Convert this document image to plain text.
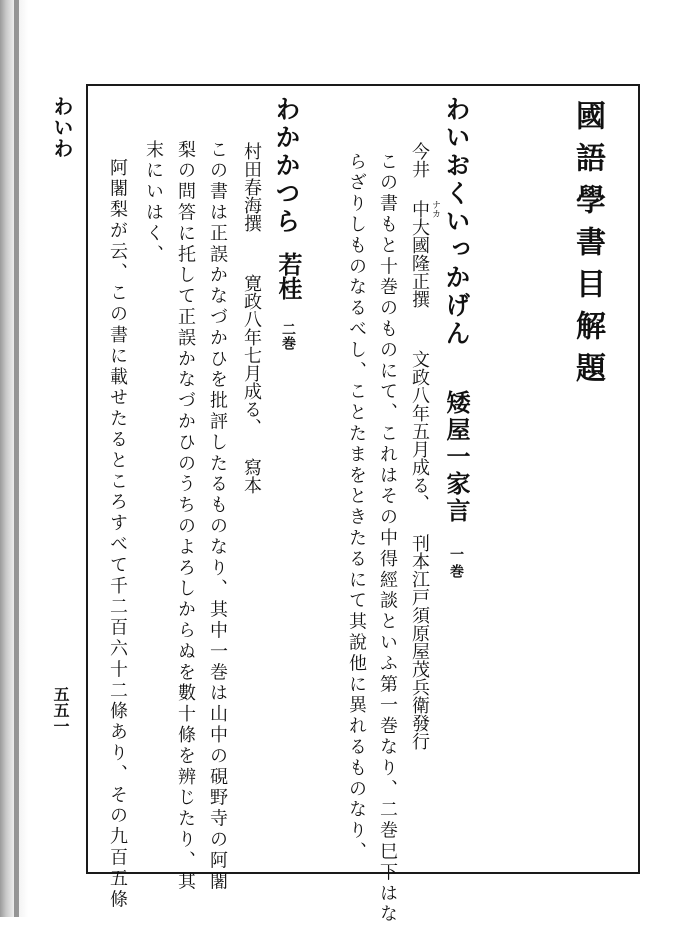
わいわ
五五一
國語學書目解題
わいおくいっかげん矮屋一家言一巻
今井中大國隆正撰 ナカ
文政八年五月成る、刊本江戸須原屋茂兵衛發行

この書もと十巻のものにて、これはその中得經談といふ第一巻なり、二巻巳下はな

らざりしものなるべし、ことたまをときたるにて其說他に異れるものなり、

わかかつら
若桂二巻
村田春海撰寛政八年七月成る、寫本

この書は正誤かなづかひを批評したるものなり、其中一巻は山中の硯野寺の阿闍

梨の問答に托して正誤かなづかひのうちのよろしからぬを數十條を辨じたり、其

末にいはく、

阿闍梨が云、この書に載せたるところすべて千二百六十二條あり、その九百五條
